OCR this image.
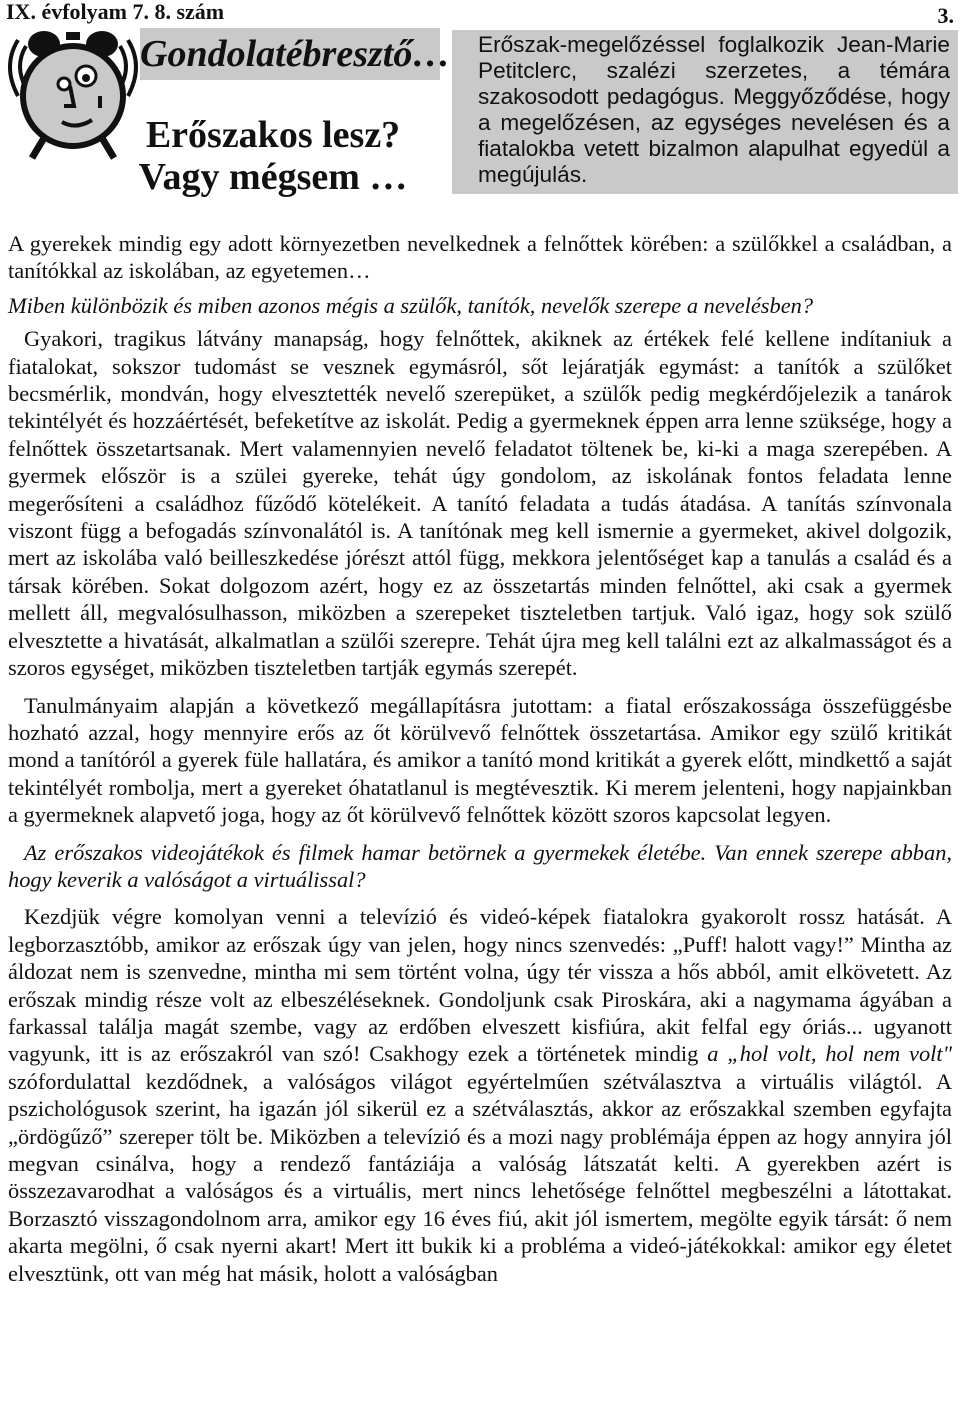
IX. évfolyam 7. 8. szám	3.
Gondolatébresztő…
Erőszakos lesz?
Vagy mégsem …
Erőszak-megelőzéssel foglalkozik Jean-Marie Petitclerc, szalézi szerzetes, a témára szakosodott pedagógus. Meggyőződése, hogy a megelőzésen, az egységes nevelésen és a fiatalokba vetett bizalmon alapulhat egyedül a megújulás.

A gyerekek mindig egy adott környezetben nevelkednek a felnőttek körében: a szülőkkel a családban, a tanítókkal az iskolában, az egyetemen…

Miben különbözik és miben azonos mégis a szülők, tanítók, nevelők szerepe a nevelésben?

Gyakori, tragikus látvány manapság, hogy felnőttek, akiknek az értékek felé kellene indítaniuk a fiatalokat, sokszor tudomást se vesznek egymásról, sőt lejáratják egymást: a tanítók a szülőket becsmérlik, mondván, hogy elvesztették nevelő szerepüket, a szülők pedig megkérdőjelezik a tanárok tekintélyét és hozzáértését, befeketítve az iskolát. Pedig a gyermeknek éppen arra lenne szüksége, hogy a felnőttek összetartsanak. Mert valamennyien nevelő feladatot töltenek be, ki-ki a maga szerepében. A gyermek először is a szülei gyereke, tehát úgy gondolom, az iskolának fontos feladata lenne megerősíteni a családhoz fűződő kötelékeit. A tanító feladata a tudás átadása. A tanítás színvonala viszont függ a befogadás színvonalától is. A tanítónak meg kell ismernie a gyermeket, akivel dolgozik, mert az iskolába való beilleszkedése jórészt attól függ, mekkora jelentőséget kap a tanulás a család és a társak körében. Sokat dolgozom azért, hogy ez az összetartás minden felnőttel, aki csak a gyermek mellett áll, megvalósulhasson, miközben a szerepeket tiszteletben tartjuk. Való igaz, hogy sok szülő elvesztette a hivatását, alkalmatlan a szülői szerepre. Tehát újra meg kell találni ezt az alkalmasságot és a szoros egységet, miközben tiszteletben tartják egymás szerepét.

Tanulmányaim alapján a következő megállapításra jutottam: a fiatal erőszakossága összefüggésbe hozható azzal, hogy mennyire erős az őt körülvevő felnőttek összetartása. Amikor egy szülő kritikát mond a tanítóról a gyerek füle hallatára, és amikor a tanító mond kritikát a gyerek előtt, mindkettő a saját tekintélyét rombolja, mert a gyereket óhatatlanul is megtéveszti​k. Ki merem jelenteni, hogy napjainkban a gyermeknek alapvető joga, hogy az őt körülvevő felnőttek között szoros kapcsolat legyen.

Az erőszakos videojátékok és filmek hamar betörnek a gyermekek életébe. Van ennek szerepe abban, hogy keverik a valóságot a virtuálissal?

Kezdjük végre komolyan venni a televízió és videó-képek fiatalokra gyakorolt rossz hatását. A legborzasztóbb, amikor az erőszak úgy van jelen, hogy nincs szenvedés: „Puff! halott vagy!” Mintha az áldozat nem is szenvedne, mintha mi sem történt volna, úgy tér vissza a hős abból, amit elkövetett. Az erőszak mindig része volt az elbeszéléseknek. Gondoljunk csak Piroskára, aki a nagymama ágyában a farkassal találja magát szembe, vagy az erdőben elveszett kisfiúra, akit felfal egy óriás... ugyanott vagyunk, itt is az erőszakról van szó! Csakhogy ezek a történetek mindig a „hol volt, hol nem volt" szófordulattal kezdődnek, a valóságos világot egyértelműen szétválasztva a virtuális világtól. A pszichológusok szerint, ha igazán jól sikerül ez a szétválasztás, akkor az erőszakkal szemben egyfajta „ördögűző” szereper tölt be. Miközben a televízió és a mozi nagy problémája éppen az hogy annyira jól megvan csinálva, hogy a rendező fantáziája a valóság látszatát kelti. A gyerekben azért is összezavarodhat a valóságos és a virtuális, mert nincs lehetősége felnőttel megbeszélni a látottakat. Borzasztó visszagondolnom arra, amikor egy 16 éves fiú, akit jól ismertem, megölte egyik társát: ő nem akarta megölni, ő csak nyerni akart! Mert itt bukik ki a probléma a videó-játékokkal: amikor egy életet elvesztünk, ott van még hat másik, holott a valóságban
